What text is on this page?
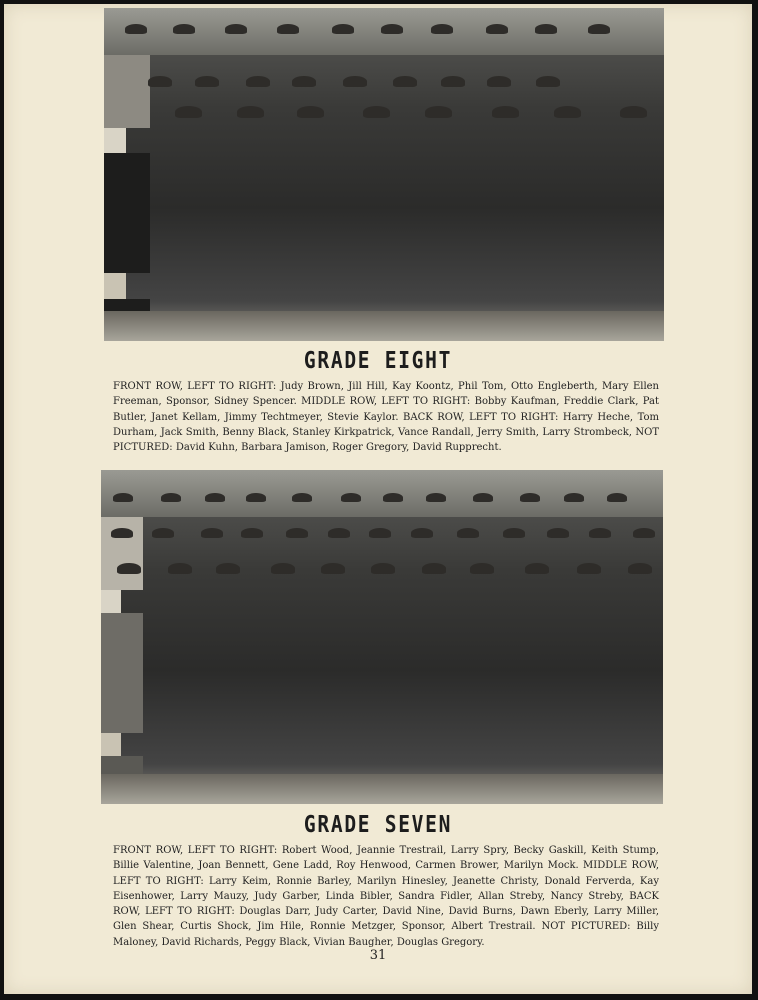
GRADE EIGHT
FRONT ROW, LEFT TO RIGHT: Judy Brown, Jill Hill, Kay Koontz, Phil Tom, Otto Engleberth, Mary Ellen Freeman, Sponsor, Sidney Spencer. MIDDLE ROW, LEFT TO RIGHT: Bobby Kaufman, Freddie Clark, Pat Butler, Janet Kellam, Jimmy Techtmeyer, Stevie Kaylor. BACK ROW, LEFT TO RIGHT: Harry Heche, Tom Durham, Jack Smith, Benny Black, Stanley Kirkpatrick, Vance Randall, Jerry Smith, Larry Strombeck, NOT PICTURED: David Kuhn, Barbara Jamison, Roger Gregory, David Rupprecht.
GRADE SEVEN
FRONT ROW, LEFT TO RIGHT: Robert Wood, Jeannie Trestrail, Larry Spry, Becky Gaskill, Keith Stump, Billie Valentine, Joan Bennett, Gene Ladd, Roy Henwood, Carmen Brower, Marilyn Mock. MIDDLE ROW, LEFT TO RIGHT: Larry Keim, Ronnie Barley, Marilyn Hinesley, Jeanette Christy, Donald Ferverda, Kay Eisenhower, Larry Mauzy, Judy Garber, Linda Bibler, Sandra Fidler, Allan Streby, Nancy Streby, BACK ROW, LEFT TO RIGHT: Douglas Darr, Judy Carter, David Nine, David Burns, Dawn Eberly, Larry Miller, Glen Shear, Curtis Shock, Jim Hile, Ronnie Metzger, Sponsor, Albert Trestrail. NOT PICTURED: Billy Maloney, David Richards, Peggy Black, Vivian Baugher, Douglas Gregory.
31
